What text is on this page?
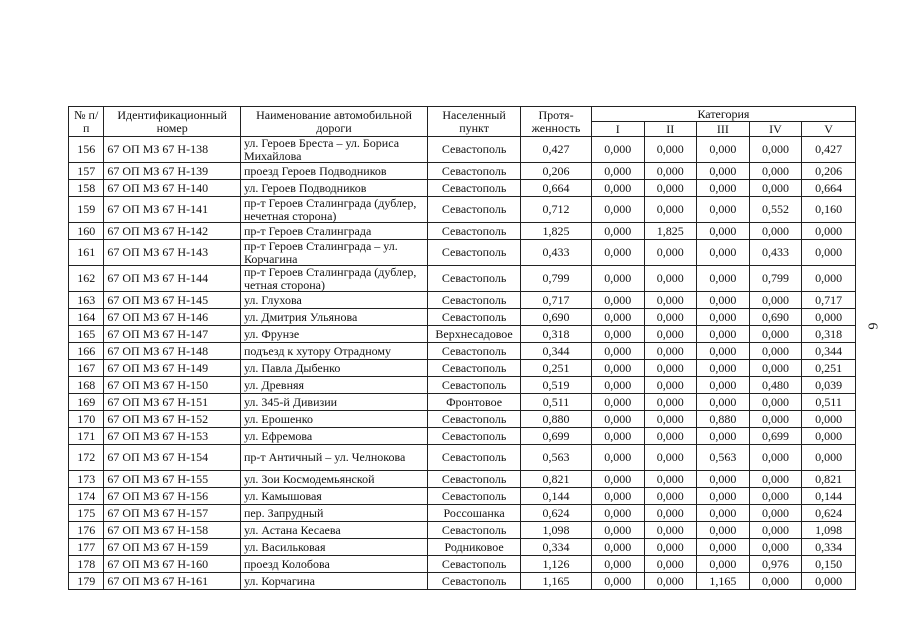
№ п/п	Идентификационный номер	Наименование автомобильной дороги	Населенный пункт	Протя-женность	Категория				
					I	II	III	IV	V
156	67 ОП МЗ 67 Н-138	ул. Героев Бреста – ул. Бориса Михайлова	Севастополь	0,427	0,000	0,000	0,000	0,000	0,427
157	67 ОП МЗ 67 Н-139	проезд Героев Подводников	Севастополь	0,206	0,000	0,000	0,000	0,000	0,206
158	67 ОП МЗ 67 Н-140	ул. Героев Подводников	Севастополь	0,664	0,000	0,000	0,000	0,000	0,664
159	67 ОП МЗ 67 Н-141	пр-т Героев Сталинграда (дублер, нечетная сторона)	Севастополь	0,712	0,000	0,000	0,000	0,552	0,160
160	67 ОП МЗ 67 Н-142	пр-т Героев Сталинграда	Севастополь	1,825	0,000	1,825	0,000	0,000	0,000
161	67 ОП МЗ 67 Н-143	пр-т Героев Сталинграда – ул. Корчагина	Севастополь	0,433	0,000	0,000	0,000	0,433	0,000
162	67 ОП МЗ 67 Н-144	пр-т Героев Сталинграда (дублер, четная сторона)	Севастополь	0,799	0,000	0,000	0,000	0,799	0,000
163	67 ОП МЗ 67 Н-145	ул. Глухова	Севастополь	0,717	0,000	0,000	0,000	0,000	0,717
164	67 ОП МЗ 67 Н-146	ул. Дмитрия Ульянова	Севастополь	0,690	0,000	0,000	0,000	0,690	0,000
165	67 ОП МЗ 67 Н-147	ул. Фрунзе	Верхнесадовое	0,318	0,000	0,000	0,000	0,000	0,318
166	67 ОП МЗ 67 Н-148	подъезд к хутору Отрадному	Севастополь	0,344	0,000	0,000	0,000	0,000	0,344
167	67 ОП МЗ 67 Н-149	ул. Павла Дыбенко	Севастополь	0,251	0,000	0,000	0,000	0,000	0,251
168	67 ОП МЗ 67 Н-150	ул. Древняя	Севастополь	0,519	0,000	0,000	0,000	0,480	0,039
169	67 ОП МЗ 67 Н-151	ул. 345-й Дивизии	Фронтовое	0,511	0,000	0,000	0,000	0,000	0,511
170	67 ОП МЗ 67 Н-152	ул. Ерошенко	Севастополь	0,880	0,000	0,000	0,880	0,000	0,000
171	67 ОП МЗ 67 Н-153	ул. Ефремова	Севастополь	0,699	0,000	0,000	0,000	0,699	0,000
172	67 ОП МЗ 67 Н-154	пр-т Античный – ул. Челнокова	Севастополь	0,563	0,000	0,000	0,563	0,000	0,000
173	67 ОП МЗ 67 Н-155	ул. Зои Космодемьянской	Севастополь	0,821	0,000	0,000	0,000	0,000	0,821
174	67 ОП МЗ 67 Н-156	ул. Камышовая	Севастополь	0,144	0,000	0,000	0,000	0,000	0,144
175	67 ОП МЗ 67 Н-157	пер. Запрудный	Россошанка	0,624	0,000	0,000	0,000	0,000	0,624
176	67 ОП МЗ 67 Н-158	ул. Астана Кесаева	Севастополь	1,098	0,000	0,000	0,000	0,000	1,098
177	67 ОП МЗ 67 Н-159	ул. Васильковая	Родниковое	0,334	0,000	0,000	0,000	0,000	0,334
178	67 ОП МЗ 67 Н-160	проезд Колобова	Севастополь	1,126	0,000	0,000	0,000	0,976	0,150
179	67 ОП МЗ 67 Н-161	ул. Корчагина	Севастополь	1,165	0,000	0,000	1,165	0,000	0,000
6
